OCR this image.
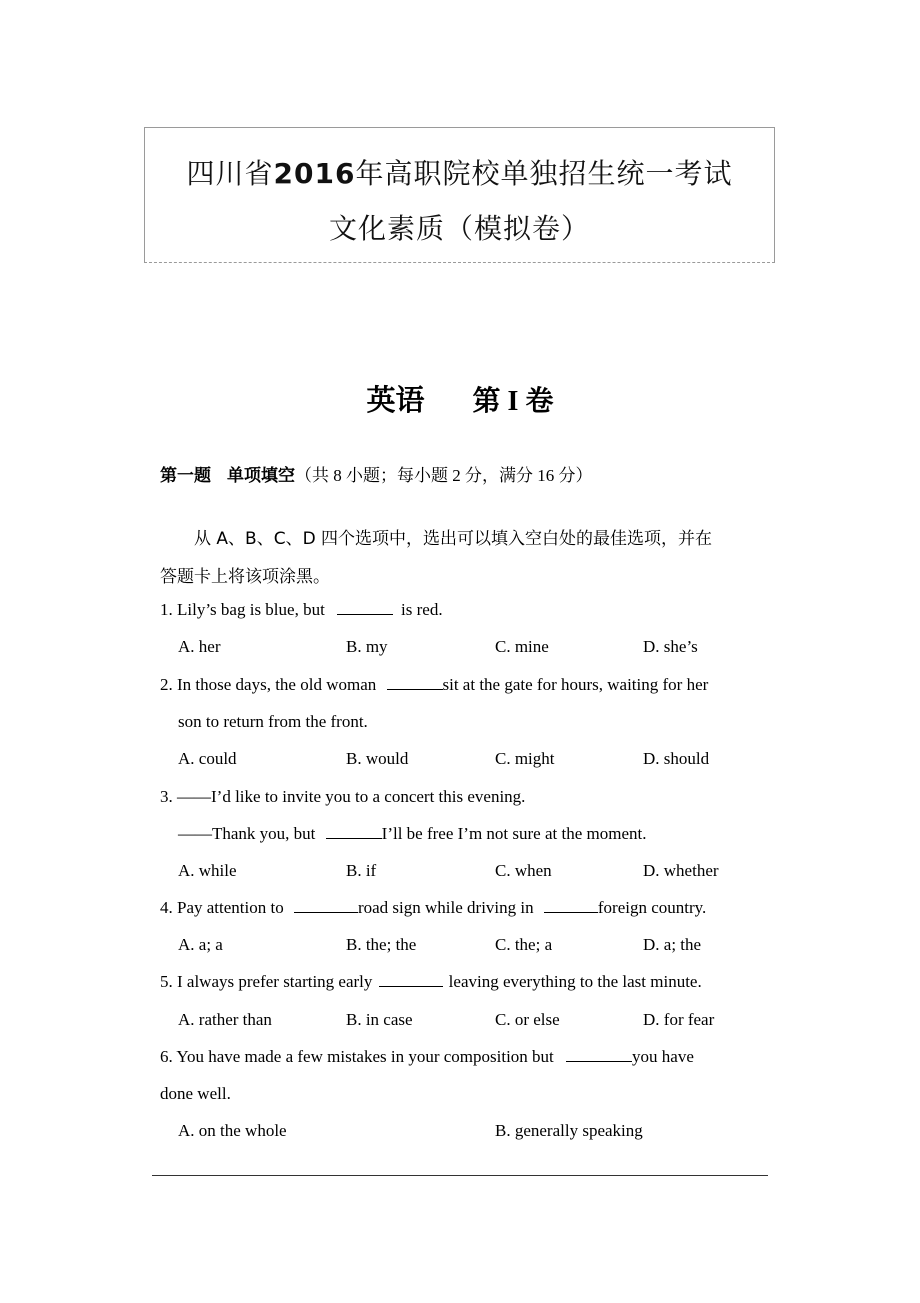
四川省2016年高职院校单独招生统一考试
文化素质（模拟卷）
英语 第 I 卷
第一题 单项填空（共 8 小题；每小题 2 分，满分 16 分）
从 A、B、C、D 四个选项中，选出可以填入空白处的最佳选项，并在
答题卡上将该项涂黑。
1. Lily’s bag is blue, but	is red.
A. her	B. my	C. mine	D. she’s
2. In those days, the old woman	sit at the gate for hours, waiting for her
son to return from the front.
A. could	B. would	C. might	D. should
3. ——I’d like to invite you to a concert this evening.
——Thank you, but	I’ll be free I’m not sure at the moment.
A. while	B. if	C. when	D. whether
4. Pay attention to	road sign while driving in	foreign country.
A. a; a	B. the; the	C. the; a	D. a; the
5. I always prefer starting early	leaving everything to the last minute.
A. rather than	B. in case	C. or else	D. for fear
6. You have made a few mistakes in your composition but	you have
done well.
A. on the whole	B. generally speaking
